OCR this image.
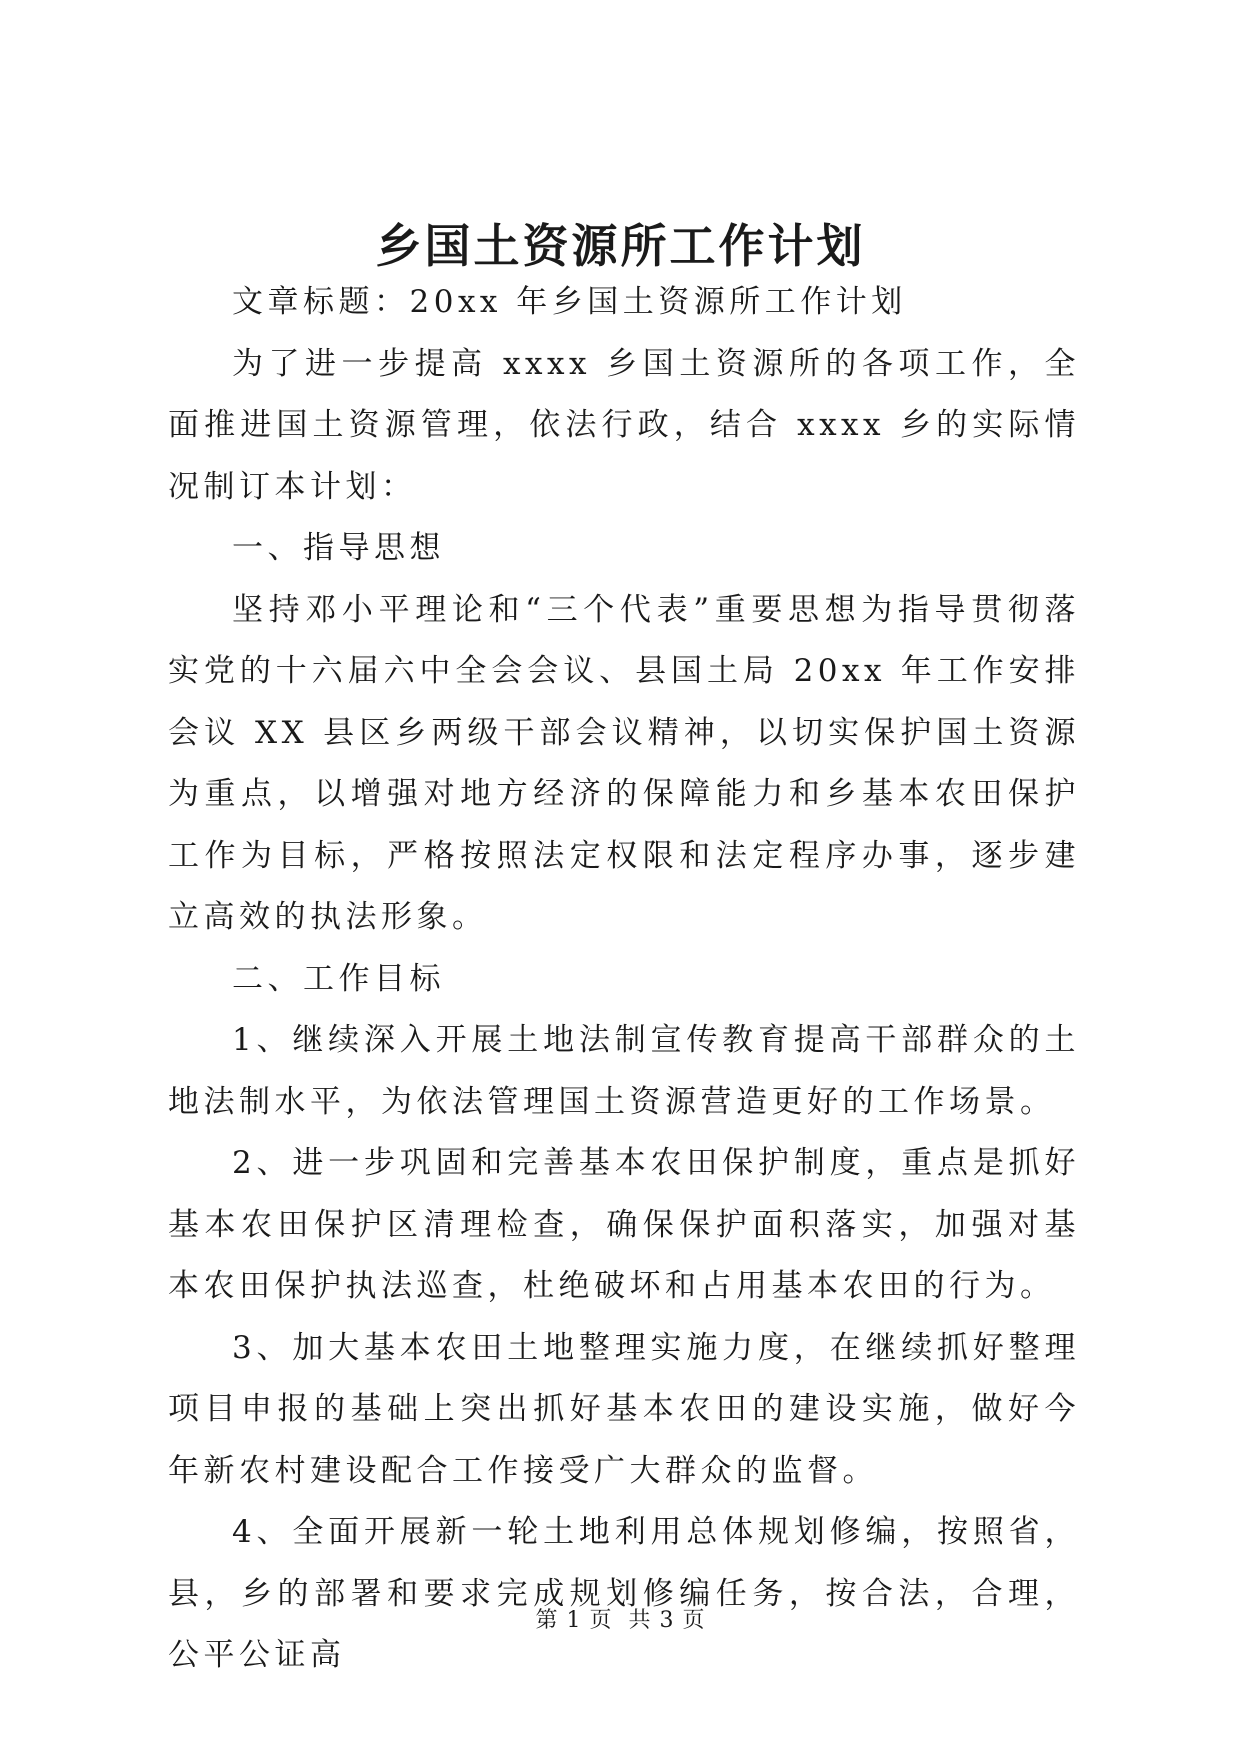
乡国土资源所工作计划

文章标题：20xx 年乡国土资源所工作计划

为了进一步提高 xxxx 乡国土资源所的各项工作，全面推进国土资源管理，依法行政，结合 xxxx 乡的实际情况制订本计划：

一、指导思想

坚持邓小平理论和“三个代表”重要思想为指导贯彻落实党的十六届六中全会会议、县国土局 20xx 年工作安排会议 XX 县区乡两级干部会议精神，以切实保护国土资源为重点，以增强对地方经济的保障能力和乡基本农田保护工作为目标，严格按照法定权限和法定程序办事，逐步建立高效的执法形象。

二、工作目标

1、继续深入开展土地法制宣传教育提高干部群众的土地法制水平，为依法管理国土资源营造更好的工作场景。

2、进一步巩固和完善基本农田保护制度，重点是抓好基本农田保护区清理检查，确保保护面积落实，加强对基本农田保护执法巡查，杜绝破坏和占用基本农田的行为。

3、加大基本农田土地整理实施力度，在继续抓好整理项目申报的基础上突出抓好基本农田的建设实施，做好今年新农村建设配合工作接受广大群众的监督。

4、全面开展新一轮土地利用总体规划修编，按照省，县，乡的部署和要求完成规划修编任务，按合法，合理，公平公证高

第 1 页  共 3 页
